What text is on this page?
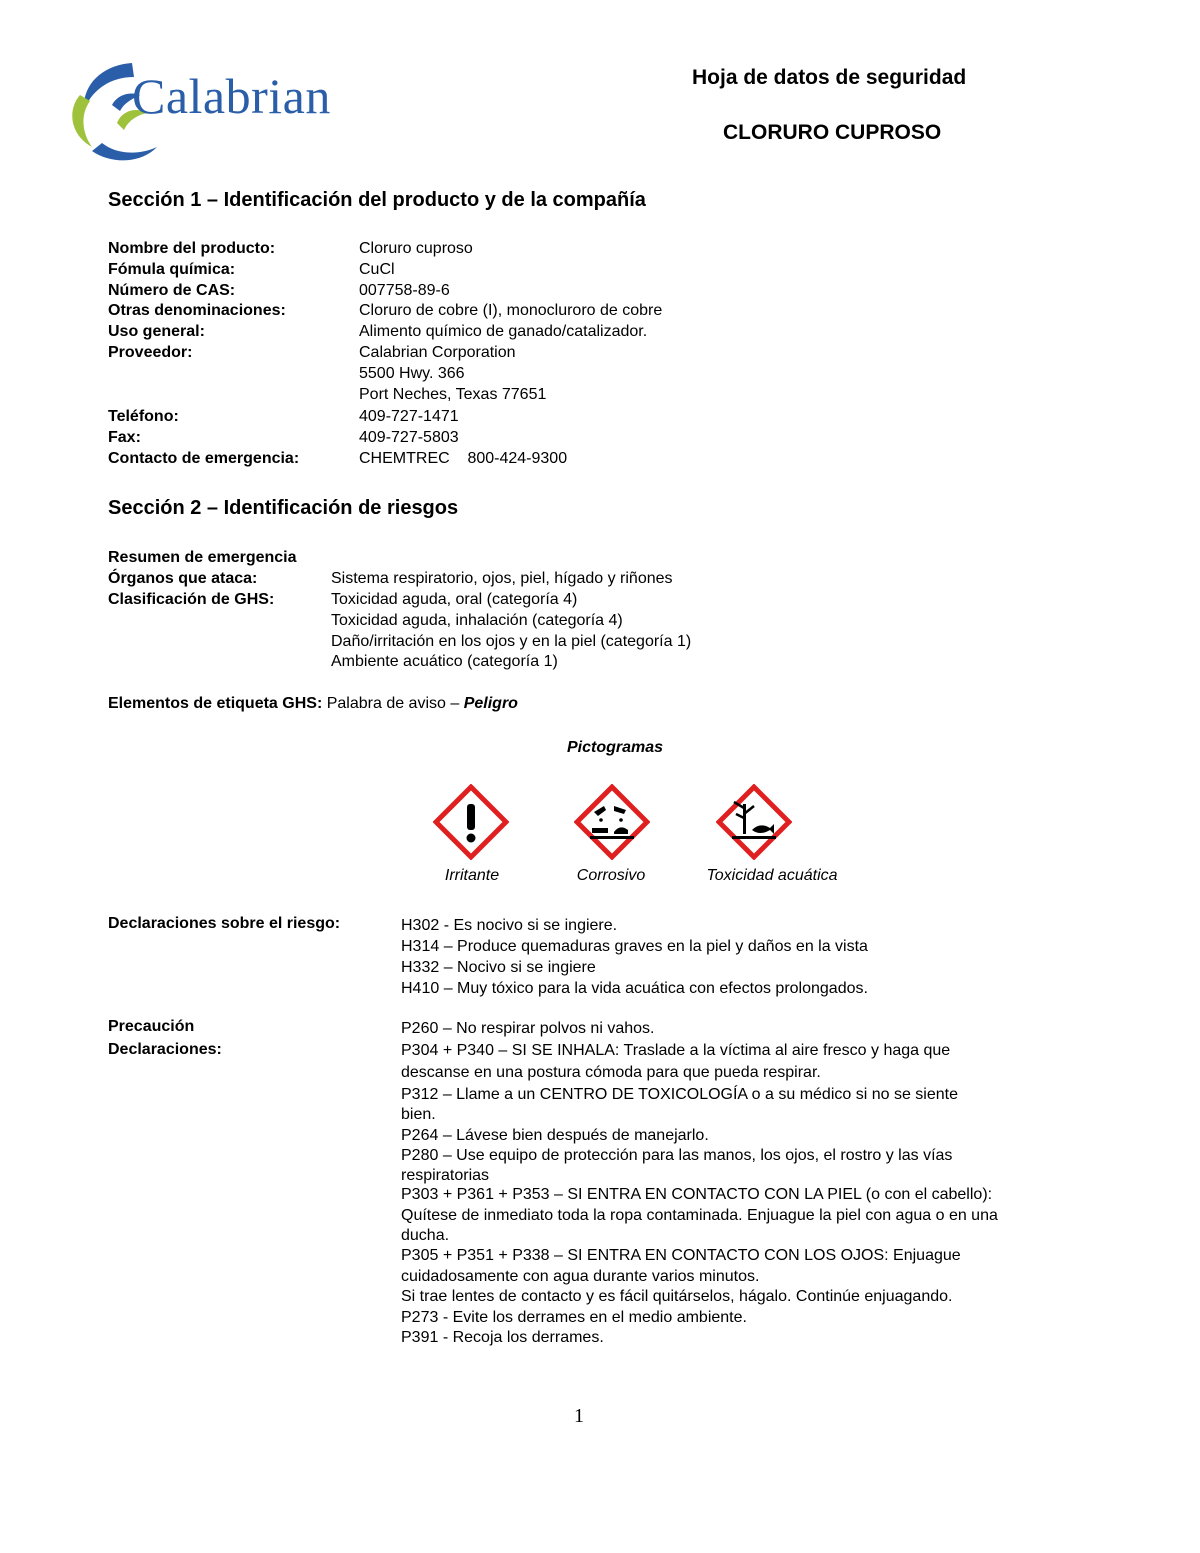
Calabrian	Hoja de datos de seguridad
CLORURO CUPROSO
Sección 1 – Identificación del producto y de la compañía
Nombre del producto:	Cloruro cuproso
Fómula química:	CuCl
Número de CAS:	007758-89-6
Otras denominaciones:	Cloruro de cobre (I), monocluroro de cobre
Uso general:	Alimento químico de ganado/catalizador.
Proveedor:	Calabrian Corporation
5500 Hwy. 366
Port Neches, Texas 77651
Teléfono:	409-727-1471
Fax:	409-727-5803
Contacto de emergencia:	CHEMTREC    800-424-9300
Sección 2 – Identificación de riesgos
Resumen de emergencia
Órganos que ataca:	Sistema respiratorio, ojos, piel, hígado y riñones
Clasificación de GHS:	Toxicidad aguda, oral (categoría 4)
Toxicidad aguda, inhalación (categoría 4)
Daño/irritación en los ojos y en la piel (categoría 1)
Ambiente acuático (categoría 1)
Elementos de etiqueta GHS: Palabra de aviso – Peligro
Pictogramas
Irritante	Corrosivo	Toxicidad acuática
Declaraciones sobre el riesgo:	H302 - Es nocivo si se ingiere.
H314 – Produce quemaduras graves en la piel y daños en la vista
H332 – Nocivo si se ingiere
H410 – Muy tóxico para la vida acuática con efectos prolongados.
Precaución
Declaraciones:
P260 – No respirar polvos ni vahos.
P304 + P340 – SI SE INHALA: Traslade a la víctima al aire fresco y haga que
descanse en una postura cómoda para que pueda respirar.
P312 – Llame a un CENTRO DE TOXICOLOGÍA o a su médico si no se siente
bien.
P264 – Lávese bien después de manejarlo.
P280 – Use equipo de protección para las manos, los ojos, el rostro y las vías
respiratorias
P303 + P361 + P353 – SI ENTRA EN CONTACTO CON LA PIEL (o con el cabello):
Quítese de inmediato toda la ropa contaminada. Enjuague la piel con agua o en una
ducha.
P305 + P351 + P338 – SI ENTRA EN CONTACTO CON LOS OJOS: Enjuague
cuidadosamente con agua durante varios minutos.
Si trae lentes de contacto y es fácil quitárselos, hágalo. Continúe enjuagando.
P273 - Evite los derrames en el medio ambiente.
P391 - Recoja los derrames.
1
